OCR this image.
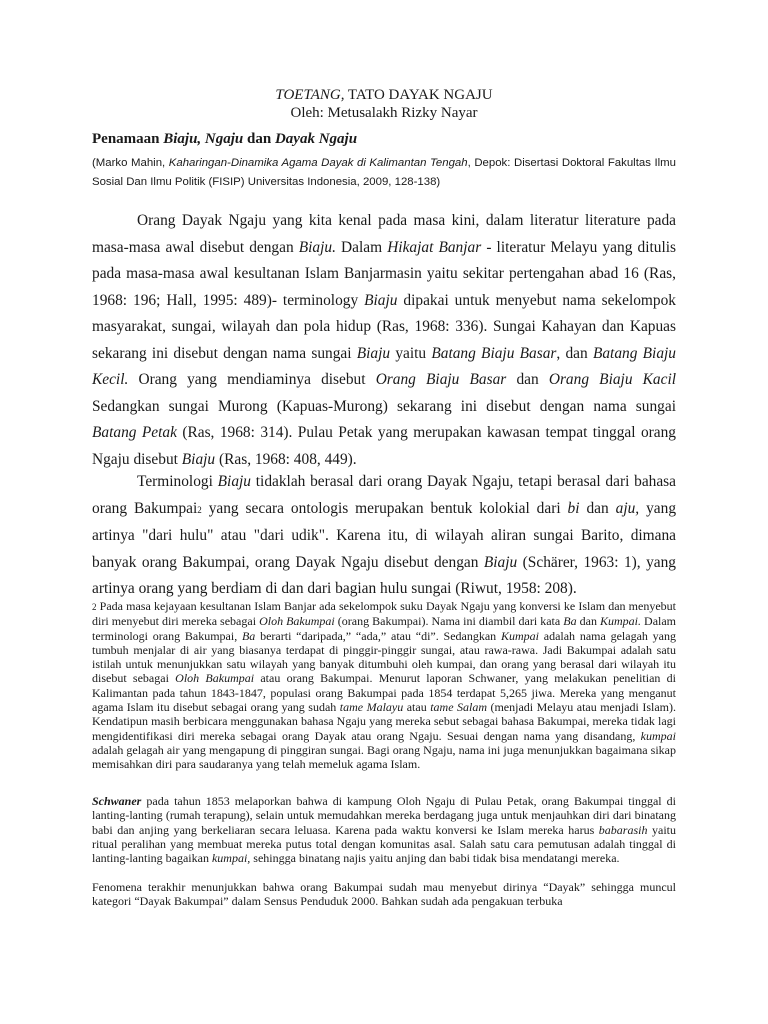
TOETANG, TATO DAYAK NGAJU
Oleh: Metusalakh Rizky Nayar
Penamaan Biaju, Ngaju dan Dayak Ngaju
(Marko Mahin, Kaharingan-Dinamika Agama Dayak di Kalimantan Tengah, Depok: Disertasi Doktoral Fakultas Ilmu Sosial Dan Ilmu Politik (FISIP) Universitas Indonesia, 2009, 128-138)
Orang Dayak Ngaju yang kita kenal pada masa kini, dalam literatur literature pada masa-masa awal disebut dengan Biaju. Dalam Hikajat Banjar - literatur Melayu yang ditulis pada masa-masa awal kesultanan Islam Banjarmasin yaitu sekitar pertengahan abad 16 (Ras, 1968: 196; Hall, 1995: 489)- terminology Biaju dipakai untuk menyebut nama sekelompok masyarakat, sungai, wilayah dan pola hidup (Ras, 1968: 336). Sungai Kahayan dan Kapuas sekarang ini disebut dengan nama sungai Biaju yaitu Batang Biaju Basar, dan Batang Biaju Kecil. Orang yang mendiaminya disebut Orang Biaju Basar dan Orang Biaju Kacil Sedangkan sungai Murong (Kapuas-Murong) sekarang ini disebut dengan nama sungai Batang Petak (Ras, 1968: 314). Pulau Petak yang merupakan kawasan tempat tinggal orang Ngaju disebut Biaju (Ras, 1968: 408, 449).
Terminologi Biaju tidaklah berasal dari orang Dayak Ngaju, tetapi berasal dari bahasa orang Bakumpai2 yang secara ontologis merupakan bentuk kolokial dari bi dan aju, yang artinya "dari hulu" atau "dari udik". Karena itu, di wilayah aliran sungai Barito, dimana banyak orang Bakumpai, orang Dayak Ngaju disebut dengan Biaju (Schärer, 1963: 1), yang artinya orang yang berdiam di dan dari bagian hulu sungai (Riwut, 1958: 208).
2 Pada masa kejayaan kesultanan Islam Banjar ada sekelompok suku Dayak Ngaju yang konversi ke Islam dan menyebut diri menyebut diri mereka sebagai Oloh Bakumpai (orang Bakumpai). Nama ini diambil dari kata Ba dan Kumpai. Dalam terminologi orang Bakumpai, Ba berarti “daripada,” “ada,” atau “di”. Sedangkan Kumpai adalah nama gelagah yang tumbuh menjalar di air yang biasanya terdapat di pinggir-pinggir sungai, atau rawa-rawa. Jadi Bakumpai adalah satu istilah untuk menunjukkan satu wilayah yang banyak ditumbuhi oleh kumpai, dan orang yang berasal dari wilayah itu disebut sebagai Oloh Bakumpai atau orang Bakumpai. Menurut laporan Schwaner, yang melakukan penelitian di Kalimantan pada tahun 1843-1847, populasi orang Bakumpai pada 1854 terdapat 5,265 jiwa. Mereka yang menganut agama Islam itu disebut sebagai orang yang sudah tame Malayu atau tame Salam (menjadi Melayu atau menjadi Islam). Kendatipun masih berbicara menggunakan bahasa Ngaju yang mereka sebut sebagai bahasa Bakumpai, mereka tidak lagi mengidentifikasi diri mereka sebagai orang Dayak atau orang Ngaju. Sesuai dengan nama yang disandang, kumpai adalah gelagah air yang mengapung di pinggiran sungai. Bagi orang Ngaju, nama ini juga menunjukkan bagaimana sikap memisahkan diri para saudaranya yang telah memeluk agama Islam.
Schwaner pada tahun 1853 melaporkan bahwa di kampung Oloh Ngaju di Pulau Petak, orang Bakumpai tinggal di lanting-lanting (rumah terapung), selain untuk memudahkan mereka berdagang juga untuk menjauhkan diri dari binatang babi dan anjing yang berkeliaran secara leluasa. Karena pada waktu konversi ke Islam mereka harus babarasih yaitu ritual peralihan yang membuat mereka putus total dengan komunitas asal. Salah satu cara pemutusan adalah tinggal di lanting-lanting bagaikan kumpai, sehingga binatang najis yaitu anjing dan babi tidak bisa mendatangi mereka.
Fenomena terakhir menunjukkan bahwa orang Bakumpai sudah mau menyebut dirinya “Dayak” sehingga muncul kategori “Dayak Bakumpai” dalam Sensus Penduduk 2000. Bahkan sudah ada pengakuan terbuka
